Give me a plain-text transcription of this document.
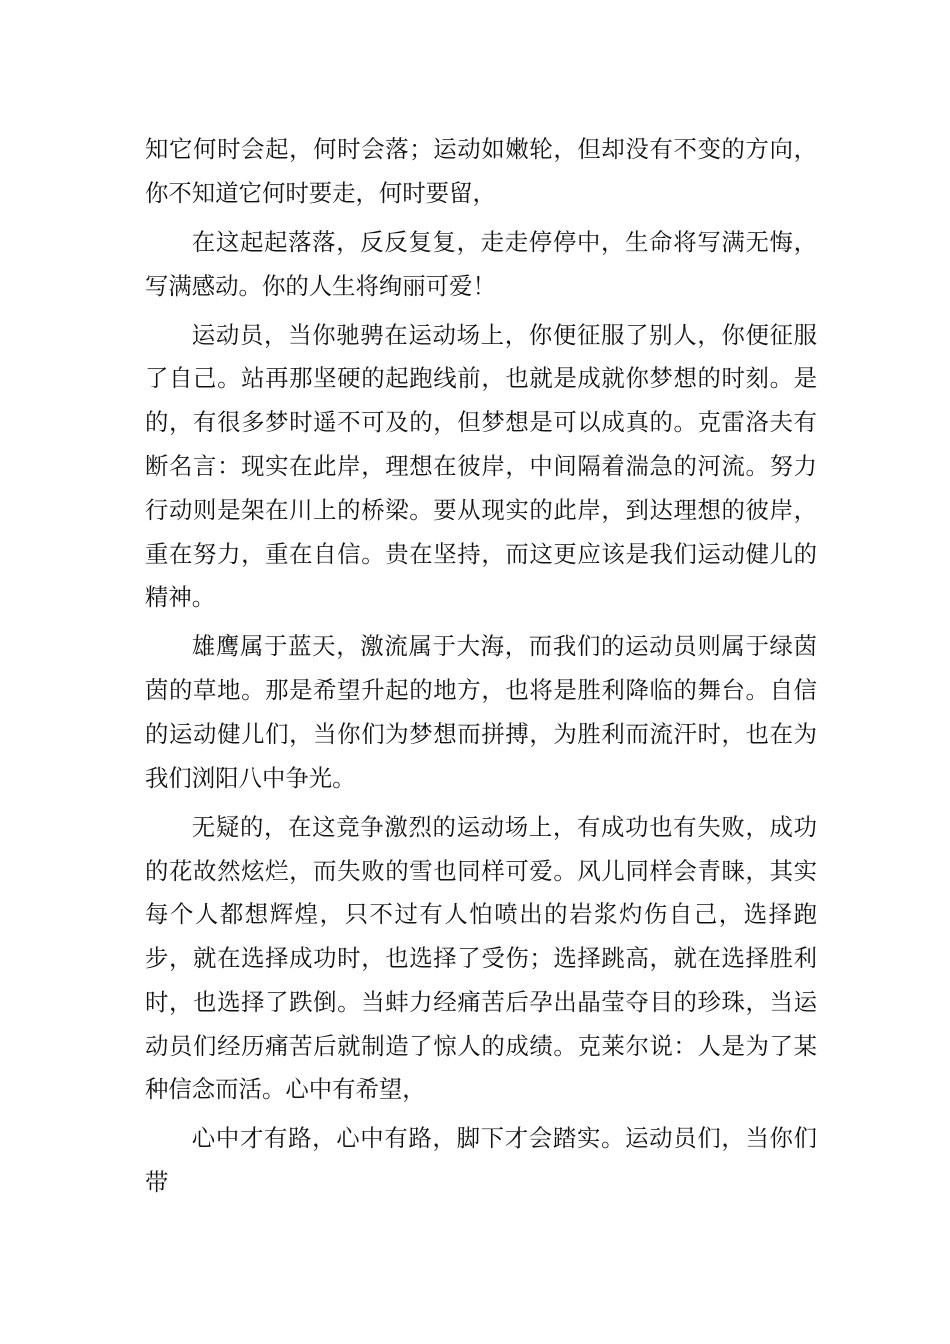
知它何时会起，何时会落；运动如嫩轮，但却没有不变的方向，你不知道它何时要走，何时要留，

在这起起落落，反反复复，走走停停中，生命将写满无悔，写满感动。你的人生将绚丽可爱！

运动员，当你驰骋在运动场上，你便征服了别人，你便征服了自己。站再那坚硬的起跑线前，也就是成就你梦想的时刻。是的，有很多梦时遥不可及的，但梦想是可以成真的。克雷洛夫有断名言：现实在此岸，理想在彼岸，中间隔着湍急的河流。努力行动则是架在川上的桥梁。要从现实的此岸，到达理想的彼岸，重在努力，重在自信。贵在坚持，而这更应该是我们运动健儿的精神。

雄鹰属于蓝天，激流属于大海，而我们的运动员则属于绿茵茵的草地。那是希望升起的地方，也将是胜利降临的舞台。自信的运动健儿们，当你们为梦想而拼搏，为胜利而流汗时，也在为我们浏阳八中争光。

无疑的，在这竞争激烈的运动场上，有成功也有失败，成功的花故然炫烂，而失败的雪也同样可爱。风儿同样会青睐，其实每个人都想辉煌，只不过有人怕喷出的岩浆灼伤自己，选择跑步，就在选择成功时，也选择了受伤；选择跳高，就在选择胜利时，也选择了跌倒。当蚌力经痛苦后孕出晶莹夺目的珍珠，当运动员们经历痛苦后就制造了惊人的成绩。克莱尔说：人是为了某种信念而活。心中有希望，

心中才有路，心中有路，脚下才会踏实。运动员们，当你们带
